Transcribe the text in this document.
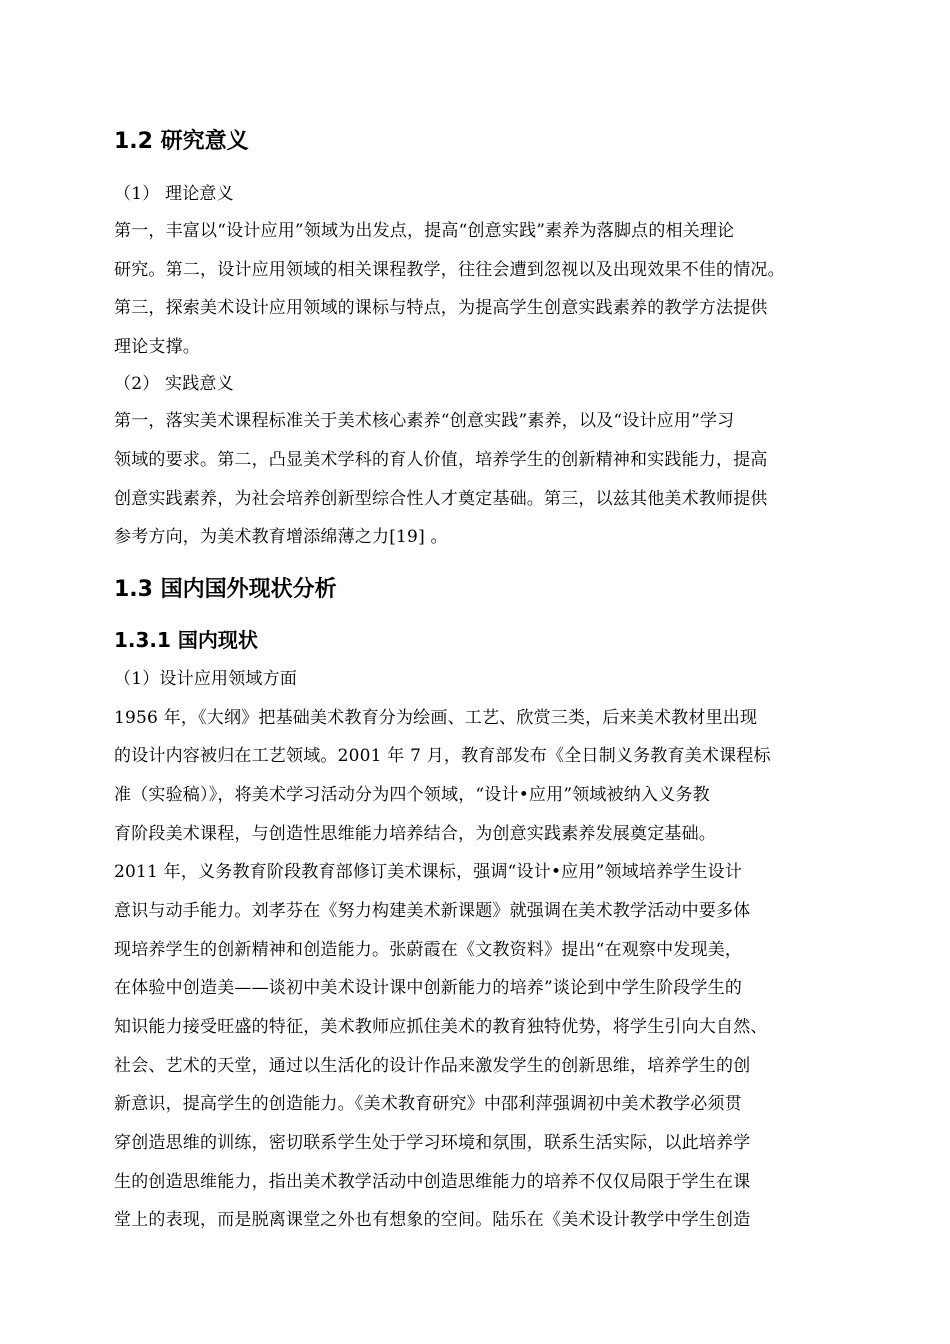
1.2 研究意义
（1） 理论意义
第一，丰富以“设计应用”领域为出发点，提高“创意实践”素养为落脚点的相关理论
研究。第二，设计应用领域的相关课程教学，往往会遭到忽视以及出现效果不佳的情况。
第三，探索美术设计应用领域的课标与特点，为提高学生创意实践素养的教学方法提供
理论支撑。
（2） 实践意义
第一，落实美术课程标准关于美术核心素养“创意实践”素养，以及“设计应用”学习
领域的要求。第二，凸显美术学科的育人价值，培养学生的创新精神和实践能力，提高
创意实践素养，为社会培养创新型综合性人才奠定基础。第三，以兹其他美术教师提供
参考方向，为美术教育增添绵薄之力[19] 。
1.3 国内国外现状分析
1.3.1 国内现状
（1）设计应用领域方面
1956 年，《大纲》把基础美术教育分为绘画、工艺、欣赏三类，后来美术教材里出现
的设计内容被归在工艺领域。2001 年 7 月，教育部发布《全日制义务教育美术课程标
准（实验稿）》，将美术学习活动分为四个领域，“设计•应用”领域被纳入义务教
育阶段美术课程，与创造性思维能力培养结合，为创意实践素养发展奠定基础。
2011 年，义务教育阶段教育部修订美术课标，强调“设计•应用”领域培养学生设计
意识与动手能力。刘孝芬在《努力构建美术新课题》就强调在美术教学活动中要多体
现培养学生的创新精神和创造能力。张蔚霞在《文教资料》提出“在观察中发现美，
在体验中创造美——谈初中美术设计课中创新能力的培养”谈论到中学生阶段学生的
知识能力接受旺盛的特征，美术教师应抓住美术的教育独特优势，将学生引向大自然、
社会、艺术的天堂，通过以生活化的设计作品来激发学生的创新思维，培养学生的创
新意识，提高学生的创造能力。《美术教育研究》中邵利萍强调初中美术教学必须贯
穿创造思维的训练，密切联系学生处于学习环境和氛围，联系生活实际，以此培养学
生的创造思维能力，指出美术教学活动中创造思维能力的培养不仅仅局限于学生在课
堂上的表现，而是脱离课堂之外也有想象的空间。陆乐在《美术设计教学中学生创造
